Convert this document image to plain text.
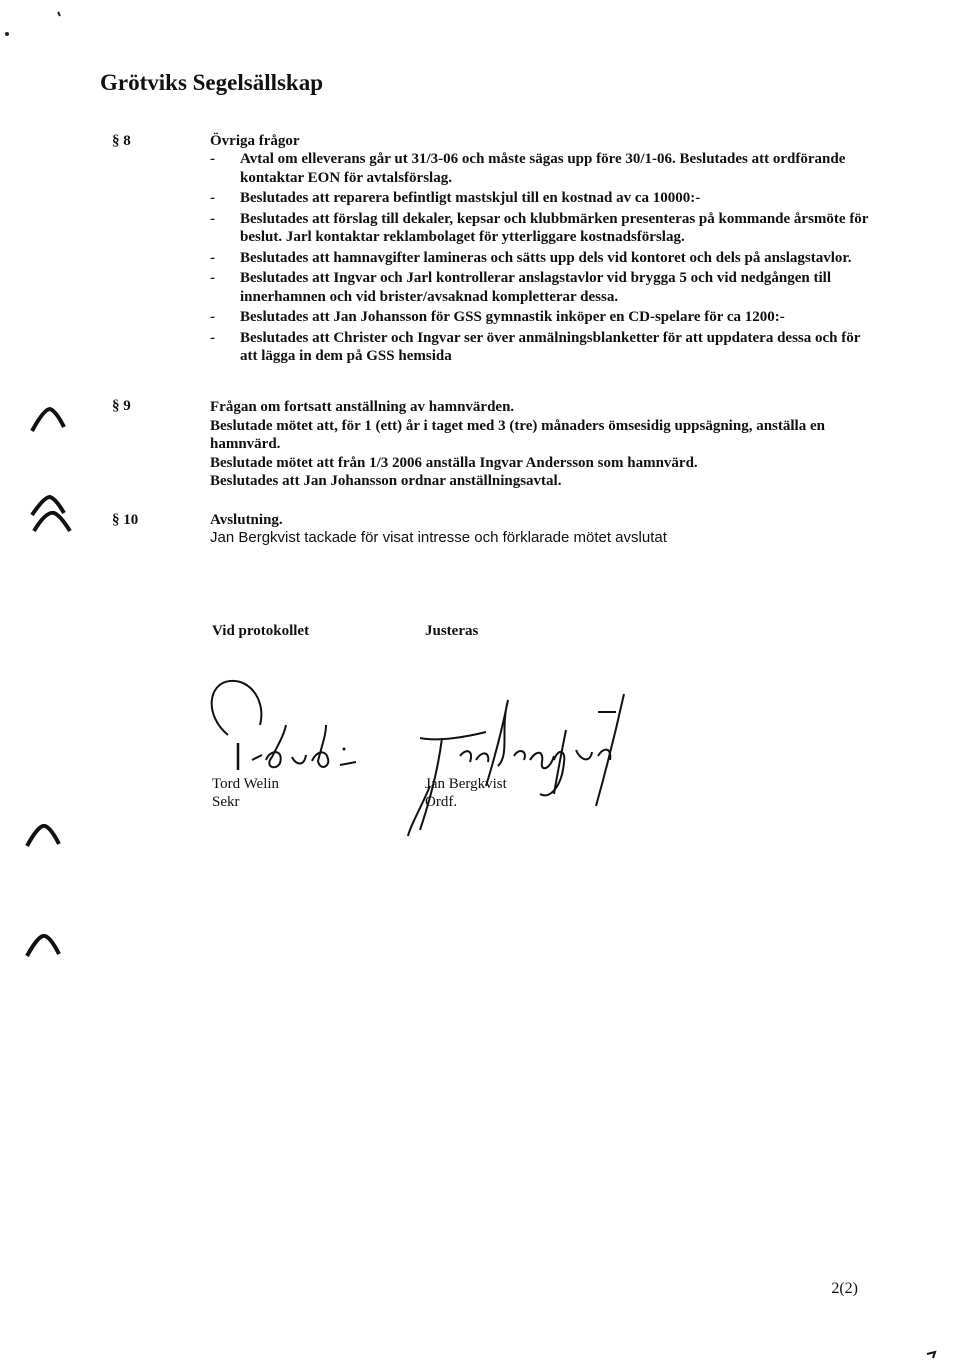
Grötviks Segelsällskap
§ 8	Övriga frågor
- Avtal om elleverans går ut 31/3-06 och måste sägas upp före 30/1-06. Beslutades att ordförande kontaktar EON för avtalsförslag.
- Beslutades att reparera befintligt mastskjul till en kostnad av ca 10000:-
- Beslutades att förslag till dekaler, kepsar och klubbmärken presenteras på kommande årsmöte för beslut. Jarl kontaktar reklambolaget för ytterliggare kostnadsförslag.
- Beslutades att hamnavgifter lamineras och sätts upp dels vid kontoret och dels på anslagstavlor.
- Beslutades att Ingvar och Jarl kontrollerar anslagstavlor vid brygga 5 och vid nedgången till innerhamnen och vid brister/avsaknad kompletterar dessa.
- Beslutades att Jan Johansson för GSS gymnastik inköper en CD-spelare för ca 1200:-
- Beslutades att Christer och Ingvar ser över anmälningsblanketter för att uppdatera dessa och för att lägga in dem på GSS hemsida
§ 9	Frågan om fortsatt anställning av hamnvärden.
Beslutade mötet att, för 1 (ett) år i taget med 3 (tre) månaders ömsesidig uppsägning, anställa en hamnvärd.
Beslutade mötet att från 1/3 2006 anställa Ingvar Andersson som hamnvärd.
Beslutades att Jan Johansson ordnar anställningsavtal.
§ 10	Avslutning.
Jan Bergkvist tackade för visat intresse och förklarade mötet avslutat
Vid protokollet	Justeras
Tord Welin
Sekr
Jan Bergkvist
Ordf.
2(2)
